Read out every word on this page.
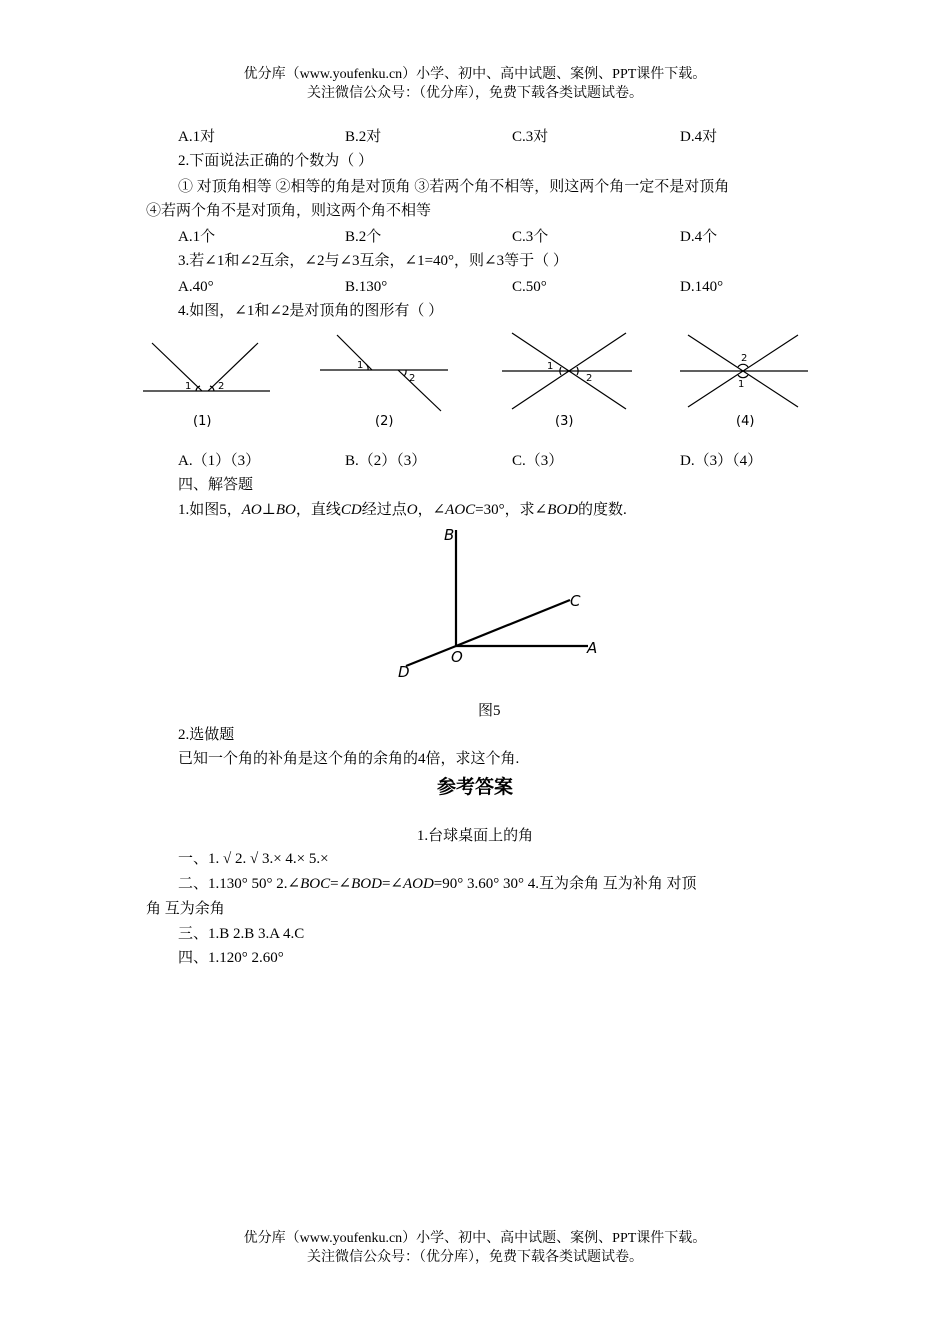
优分库（www.youfenku.cn）小学、初中、高中试题、案例、PPT课件下载。
关注微信公众号：（优分库），免费下载各类试题试卷。
A.1对	B.2对	C.3对	D.4对
2.下面说法正确的个数为（ ）
① 对顶角相等 ②相等的角是对顶角 ③若两个角不相等，则这两个角一定不是对顶角
④若两个角不是对顶角，则这两个角不相等
A.1个	B.2个	C.3个	D.4个
3.若∠1和∠2互余，∠2与∠3互余，∠1=40°，则∠3等于（ ）
A.40°	B.130°	C.50°	D.140°
4.如图，∠1和∠2是对顶角的图形有（ ）
1	2
1
2
1
2
2
1
(1)	(2)	(3)	(4)
A.（1）（3）	B.（2）（3）	C.（3）	D.（3）（4）
四、解答题
1.如图5，AO⊥BO，直线CD经过点O，∠AOC=30°，求∠BOD的度数.
B
C
A
O
D
图5
2.选做题
已知一个角的补角是这个角的余角的4倍，求这个角.
参考答案
1.台球桌面上的角
一、1. √ 2. √ 3.× 4.× 5.×
二、1.130° 50° 2.∠BOC=∠BOD=∠AOD=90° 3.60° 30° 4.互为余角 互为补角 对顶
角 互为余角
三、1.B 2.B 3.A 4.C
四、1.120° 2.60°
优分库（www.youfenku.cn）小学、初中、高中试题、案例、PPT课件下载。
关注微信公众号：（优分库），免费下载各类试题试卷。
